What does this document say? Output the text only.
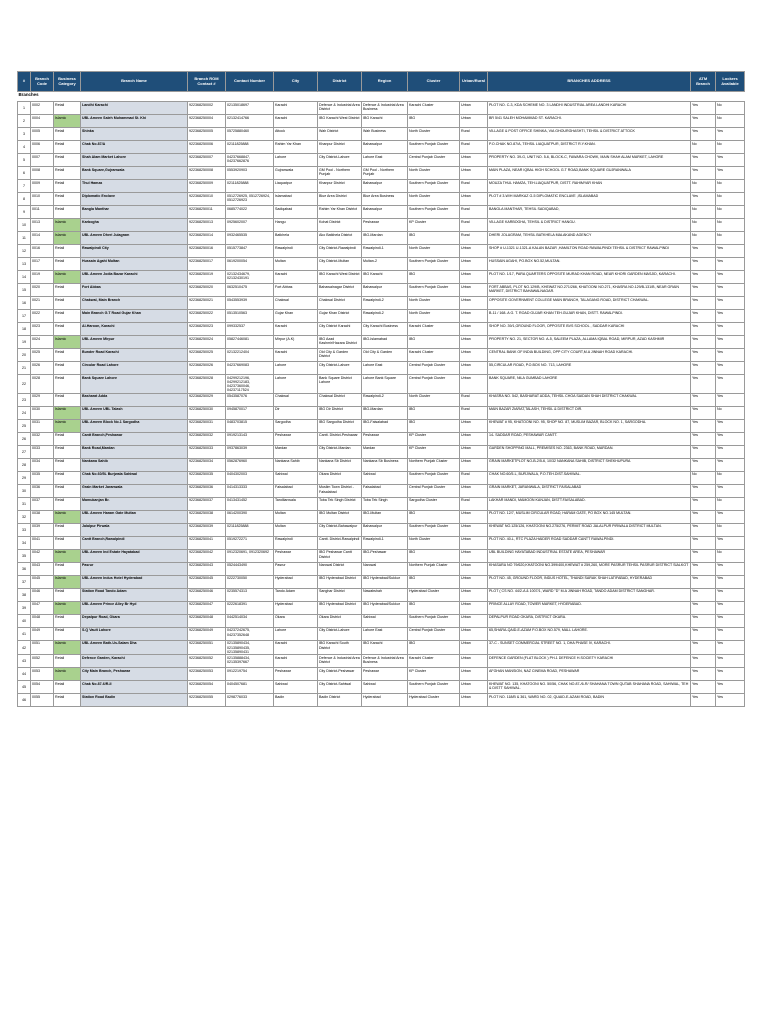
#	Branch Code	Business Category	Branch Name	Branch ROM Contact #	Contact Number	City	District	Region	Cluster	Urban/Rural	BRANCHES ADDRESS	ATM Branch	Lockers Available
Branches													
1	0002	Retail	Landhi Karachi	922368250002	02135018697	Karachi	Defence & Industrial Area District	Defence & Industrial Area Business	Karachi Cluster	Urban	PLOT NO. C-3, KDA SCHEME NO. 3 LANDHI INDUSTRIAL AREA LANDHI KARACHI	Yes	No
2	0004	Islamic	UBL Ameen Saleh Muhammad St. Khi	922368250004	02132414766	Karachi	IBG Karachi West District	IBG Karachi	IBG	Urban	BR 5/41 SALEH MOHAMMAD ST. KARACHI.	Yes	No
3	0005	Retail	Shinka	922368250005	05725880460	Attock	Wah District	Wah Business	North Cluster	Rural	VILLAGE & POST OFFICE SHINKA, VIA GHOURGHASHTI, TEHSIL & DISTRICT ATTOCK	Yes	Yes
4	0006	Retail	Chak No.87/A	922368250006	02111825888	Rahim Yar Khan	Khanpur District	Bahawalpur	Southern Punjab Cluster	Rural	P.O.CHAK NO.87/A, TEHSIL LIAQUATPUR, DISTRICT R.Y.KHAN.	No	No
5	0007	Retail	Shah Alam Market Lahore	922368250007	04237668847, 04237662876	Lahore	City District-Lahore	Lahore East	Central Punjab Cluster	Urban	PROPERTY NO. 39-G, UNIT NO. 5-6, BLOCK-C, FAWARA CHOWK, MAIN SHAH ALAM MARKET, LAHORE	Yes	Yes
6	0008	Retail	Bank Square,Gujranwala	922368250008	0553920903	Gujranwala	GM Pool - Northern Punjab	GM Pool - Northern Punjab	North Cluster	Urban	MAIN PLAZA, NEAR IQBAL HIGH SCHOOL G.T ROAD,BANK SQUARE GUJRANWALA	Yes	Yes
7	0009	Retail	Thul Hamza	922368250009	02111825888	Liaquatpur	Khanpur District	Bahawalpur	Southern Punjab Cluster	Rural	MOUZA THUL HAMZA, TEH.LIAQUATPUR, DISTT. RAHIMYAR KHAN	No	No
8	0010	Retail	Diplomatic Enclave	922368250010	0512726925, 0512726924, 0512726923	Islamabad	Blue Area District	Blue Area Business	North Cluster	Urban	PLOT # 3-W/H MARKAZ G-5 DIPLOMATIC ENCLAVE ,ISLAMABAD	Yes	No
9	0011	Retail	Bangla Manthar	922368250011	0685774022	Sadiqabad	Rahim Yar Khan District	Bahawalpur	Southern Punjab Cluster	Rural	BANGLA MANTHAR, TEHSIL SADIQABAD,	No	No
10	0013	Islamic	Karbogha	922368250013	0925602007	Hangu	Kohat District	Peshawar	KP Cluster	Rural	VILLAGE KARBOGHA, TEHSIL & DISTRICT HANGU.	No	No
11	0014	Islamic	UBL Ameen Dheri Julagram	922368250014	0932465535	Batkhela	Ako Batkhela District	IBG-Mardan	IBG	Rural	DHERI JOLAGRAM, TEHSIL BATKHELA MALAKAND AGENCY	No	No
12	0016	Retail	Rawalpindi City	922368250016	0515773847	Rawalpindi	City District-Rawalpindi	Rawalpindi-1	North Cluster	Urban	SHOP # U-1321 U-1321-A KALAN BAZAR ,HAMILTON ROAD RAWALPINDI TEHSIL & DISTRICT RAWALPINDI	Yes	Yes
13	0017	Retail	Hussain Agahi Multan	922368250017	0619200054	Multan	City District-Multan	Multan-2	Southern Punjab Cluster	Urban	HUSSAIN AGAHI, PO.BOX NO.52,MULTAN.	Yes	Yes
14	0019	Islamic	UBL Ameen Jodia Bazar Karachi	922368250019	02132434679, 02132430191	Karachi	IBG Karachi West District	IBG Karachi	IBG	Urban	PLOT NO. 1/17, PARA QUARTERS OPPOSITE MURAD KHAN ROAD, NEAR KHORI GARDEN MASJID, KARACHI.	Yes	Yes
15	0020	Retail	Fort Abbas	922368250020	0632510475	Fort Abbas	Bahawalnagar District	Bahawalpur	Southern Punjab Cluster	Urban	FORT ABBAS, PLOT NO.129/B, KHEWAT NO.271/266, KHATOONI NO.271, KHASRA NO.129/B-131/B, NEAR GRAIN MARKET, DISTRICT BAHAWALNAGAR.	Yes	Yes
16	0021	Retail	Chakwal, Main Branch	922368250021	0543553939	Chakwal	Chakwal District	Rawalpindi-2	North Cluster	Urban	OPPOSITE GOVERNMENT COLLEGE MAIN BRANCH, TALAGANG ROAD, DISTRICT CHAKWAL.	Yes	Yes
17	0022	Retail	Main Branch G.T Road Gujar Khan	922368250022	0513510563	Gujar Khan	Gujar Khan District	Rawalpindi-2	North Cluster	Urban	B-11 / 168- A G. T. ROAD GUJAR KHAN TEH.GUJAR KHAN, DISTT. RAWALPINDI.	Yes	Yes
18	0023	Retail	Al-Haroon, Karachi	922368250023	099332537	Karachi	City District Karachi	City Karachi Business	Karachi Cluster	Urban	SHOP NO. 39/1,GROUND FLOOR, OPPOSITE BVS SCHOOL , SADDAR KARACHI	Yes	Yes
19	0024	Islamic	UBL Ameen Mirpur	922368250024	05827446081	Mirpur (A.K)	IBG Azad Kashmir/Hazara District	IBG-Islamabad	IBG	Urban	PROPERTY NO. 21, SECTOR NO. A-5, SALEEM PLAZA, ALLAMA IQBAL ROAD, MIRPUR, AZAD KASHMIR	Yes	Yes
20	0025	Retail	Bunder Road Karachi	922368250025	02132212404	Karachi	Old City & Garden District	Old City & Garden	Karachi Cluster	Urban	CENTRAL BANK OF INDIA BUILDING, OPP CITY COURT,M.A JINNAH ROAD KARACHI.	Yes	Yes
21	0026	Retail	Circular Road Lahore	922368250026	04237669083	Lahore	City District-Lahore	Lahore East	Central Punjab Cluster	Urban	55,CIRCULAR ROAD, P.O.BOX NO. 713, LAHORE	Yes	Yes
22	0028	Retail	Bank Square Lahore	922368250028	04299212196, 04299212183, 04237360046, 04237117524	Lahore	Bank Square District Lahore	Lahore Bank Square	Central Punjab Cluster	Urban	BANK SQUARE, NILA GUMBAD LAHORE	Yes	Yes
23	0029	Retail	Basharat Adda	922368250029	0543587076	Chakwal	Chakwal District	Rawalpindi-2	North Cluster	Rural	KHASRA NO. 542, BASHARAT ADDA, TEHSIL CHOA SAIDAN SHAH DISTRICT CHAKWAL	Yes	Yes
24	0030	Islamic	UBL Ameen UBL Talash	922368250030	0945870017	Dir	IBG Dir District	IBG-Mardan	IBG	Rural	MAIN BAZAR ZIARAT,TALASH, TEHSIL & DISTRICT DIR.	Yes	No
25	0031	Islamic	UBL Ameen Block No.1 Sargodha	922368250031	0483703815	Sargodha	IBG Sargodha District	IBG-Faisalabad	IBG	Urban	KHEWAT # 95, KHATOONI NO. 95, SHOP NO. 87, MUSLIM BAZAR, BLOCK NO. 1, SARGODHA.	Yes	Yes
26	0032	Retail	Cantt Branch,Peshawar	922368250032	0919213143	Peshawar	Cantt. District-Peshawar	Peshawar	KP Cluster	Urban	14- SADDAR ROAD, PESHAWAR CANTT.	Yes	Yes
27	0033	Retail	Bank Road,Mardan	922368250033	0937863039	Mardan	City District-Mardan	Mardan	KP Cluster	Urban	GARDEN SHOPPING MALL, PREMISES NO. 2363, BANK ROAD, MARDAN.	Yes	Yes
28	0034	Retail	Nankana Sahib	922368250034	0562876960	Nankana Sahib	Nankana Sb District	Nankana Sb Business	Northern Punjab Cluster	Urban	GRAIN MARKETPLOT NO-B-2/5-6, 10/32 NANKANA SAHIB, DISTRICT SHEKHUPURA	Yes	Yes
29	0035	Retail	Chak No.60/5L Burjwala Sahiwal	922368250035	0404302003	Sahiwal	Okara District	Sahiwal	Southern Punjab Cluster	Rural	CHAK NO.60/5-L, BURJWALA, P.O.TEH.DIST.SAHIWAL.	No	No
30	0036	Retail	Grain Market Jaranwala	922368250036	0414313333	Faisalabad	Muslim Town District - Faisalabad	Faisalabad	Central Punjab Cluster	Urban	GRAIN MARKET, JARANWALA, DISTRICT FAISALABAD	Yes	Yes
31	0037	Retail	Mamukanjan Br.	922368250037	0413431452	Tandlianwala	Toba Tek Singh District	Toba Tek Singh	Sargodha Cluster	Rural	LAKHAR MANDI, MAMOON KANJAN, DISTT.FAISALABAD.	Yes	No
32	0038	Islamic	UBL Ameen Haram Gate Multan	922368250038	0614200390	Multan	IBG Multan District	IBG-Multan	IBG	Urban	PLOT NO. 12/7, MUSLIM CIRCULAR ROAD, HARAM GATE, PO BOX NO.145 MULTAN.	Yes	Yes
33	0039	Retail	Jalalpur Pirwala	922368250039	02111825888	Multan	City District-Bahawalpur	Bahawalpur	Southern Punjab Cluster	Urban	KHEWAT NO.125/126, KHATOONI NO.275/276, PERMIT ROAD JALALPUR PIRWALA DISTRICT MULTAN.	Yes	No
34	0041	Retail	Cantt Branch,Rawalpindi	922368250041	0519272271	Rawalpindi	Cantt. District-Rawalpindi	Rawalpindi-1	North Cluster	Urban	PLOT NO. 40-L, RTC PLAZA HAIDER ROAD SADDAR CANTT RAWALPINDI.	Yes	Yes
35	0042	Islamic	UBL Ameen Ind Estate Hayatabad	922368250042	0912320691, 0912320692	Peshawar	IBG Peshawar Cantt District	IBG-Peshawar	IBG	Urban	UBL BUILDING HAYATABAD INDUSTRIAL ESTATE AREA, PESHAWAR	Yes	No
36	0043	Retail	Pasrur	922368250043	0524443490	Pasrur	Narowal District	Narowal	Northern Punjab Cluster	Urban	KHASARA NO 79/620,KHATOONI NO.399/400,KHEWAT # 259,260, MORE PASRUR TEHSIL PASRUR DISTRICT SIALKOT	Yes	Yes
37	0045	Islamic	UBL Ameen Indus Hotel Hyderabad	922368250045	0222730050	Hyderabad	IBG Hyderabad District	IBG Hyderabad/Sukkur	IBG	Urban	PLOT NO. 45, GROUND FLOOR, INDUS HOTEL, THANDI SARAK SHAH LATIFABAD, HYDERABAD	Yes	Yes
38	0046	Retail	Station Road Tando Adam	922368250046	0235574313	Tando Adam	Sanghar District	Nawabshah	Hyderabad Cluster	Urban	PLOT ( CS NO. 44/2-A & 1007/1, WARD "D" M.A JINNAH ROAD, TANDO ADAM DISTRICT SANGHAR.	Yes	Yes
39	0047	Islamic	UBL Ameen Prince Alley Br Hyd	922368250047	0222618391	Hyderabad	IBG Hyderabad District	IBG Hyderabad/Sukkur	IBG	Urban	PRINCE ALLAY ROAD, TOWER MARKET, HYDERABAD.	Yes	Yes
40	0048	Retail	Depalpur Road, Okara	922368250048	0442514034	Okara	Okara District	Sahiwal	Southern Punjab Cluster	Urban	DEPALPUR ROAD OKARA, DISTRICT OKARA.	Yes	Yes
41	0049	Retail	S.Q Vault Lahore	922368250049	04237242675, 04237352648	Lahore	City District-Lahore	Lahore East	Central Punjab Cluster	Urban	65,SHARA-QAID-E-AZAM P.O.BOX NO.579, MALL LAHORE.	Yes	Yes
42	0051	Islamic	UBL Ameen Bath-Us-Salam Dha	922368250051	02135890434, 02135890435, 02135890431	Karachi	IBG Karachi South District	IBG Karachi	IBG	Urban	37-C - SUNSET COMMERCIAL STREET NO. 1, DHA PHASE IV, KARACHI.	Yes	Yes
43	0052	Retail	Defence Garden, Karachi	922368250052	02135888434, 02135397667	Karachi	Defence & Industrial Area District	Defence & Industrial Area Business	Karachi Cluster	Urban	DEFENCE GARDEN (FLAT BLOCK ) PH-1 DEFENCE H.SOCIETY KARACHI	Yes	Yes
44	0053	Islamic	City Main Branch, Peshawar	922368250053	0912219754	Peshawar	City District-Peshawar	Peshawar	KP Cluster	Urban	AFGHAN MANSION, NAZ CINEMA ROAD, PESHAWAR	Yes	Yes
45	0054	Retail	Chak No.87-6/R-II	922368250054	0404507681	Sahiwal	City District-Sahiwal	Sahiwal	Southern Punjab Cluster	Urban	KHEWAT NO. 135, KHATOONI NO. 50/56, CHAK NO.87-/6-R/ SHAHANA TOWN QUTAB SHAHANA ROAD, SAHIWAL, TEH & DISTT SAHIWAL.	Yes	Yes
46	0055	Retail	Station Road Badin	922368250055	0298776033	Badin	Badin District	Hyderabad	Hyderabad Cluster	Urban	PLOT NO. 118/B & 361, WARD NO. 02, QUAID-E-AZAM ROAD, BADIN	Yes	Yes
